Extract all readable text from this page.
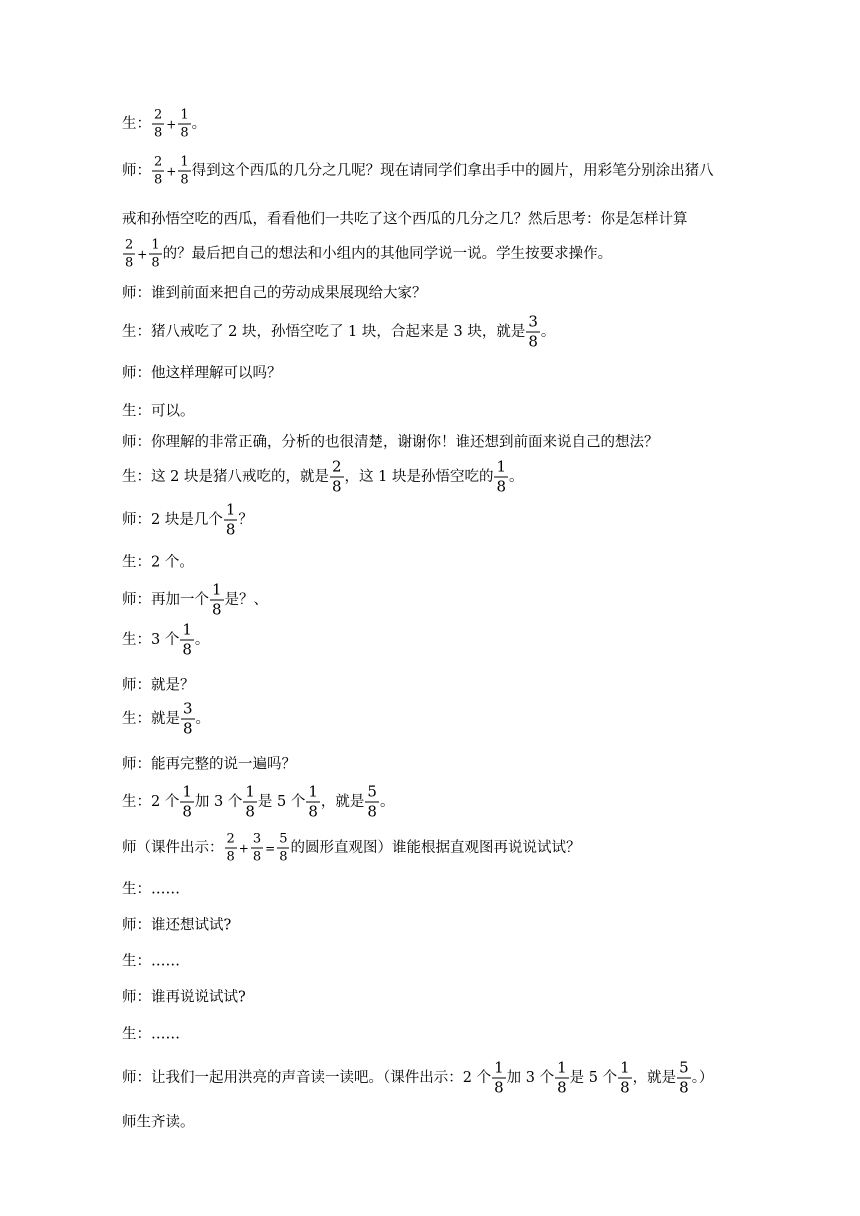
生： $\frac{2}{8} + \frac{1}{8}$ 。
师： $\frac{2}{8} + \frac{1}{8}$ 得到这个西瓜的几分之几呢？现在请同学们拿出手中的圆片，用彩笔分别涂出猪八
戒和孙悟空吃的西瓜，看看他们一共吃了这个西瓜的几分之几？然后思考：你是怎样计算
$\frac{2}{8} + \frac{1}{8}$ 的？最后把自己的想法和小组内的其他同学说一说。学生按要求操作。
师：谁到前面来把自己的劳动成果展现给大家？
生：猪八戒吃了 2 块，孙悟空吃了 1 块，合起来是 3 块，就是 $\frac{3}{8}$ 。
师：他这样理解可以吗？
生：可以。
师：你理解的非常正确，分析的也很清楚，谢谢你！谁还想到前面来说自己的想法？
生：这 2 块是猪八戒吃的，就是 $\frac{2}{8}$ ，这 1 块是孙悟空吃的 $\frac{1}{8}$ 。
师：2 块是几个 $\frac{1}{8}$ ？
生：2 个。
师：再加一个 $\frac{1}{8}$ 是？、
生：3 个 $\frac{1}{8}$ 。
师：就是？
生：就是 $\frac{3}{8}$ 。
师：能再完整的说一遍吗？
生：2 个 $\frac{1}{8}$ 加 3 个 $\frac{1}{8}$ 是 5 个 $\frac{1}{8}$ ，就是 $\frac{5}{8}$ 。
师（课件出示： $\frac{2}{8} + \frac{3}{8} = \frac{5}{8}$ 的圆形直观图）谁能根据直观图再说说试试？
生：……
师：谁还想试试?
生：……
师：谁再说说试试?
生：……
师：让我们一起用洪亮的声音读一读吧。（课件出示：2 个 $\frac{1}{8}$ 加 3 个 $\frac{1}{8}$ 是 5 个 $\frac{1}{8}$ ，就是 $\frac{5}{8}$ 。）
师生齐读。
